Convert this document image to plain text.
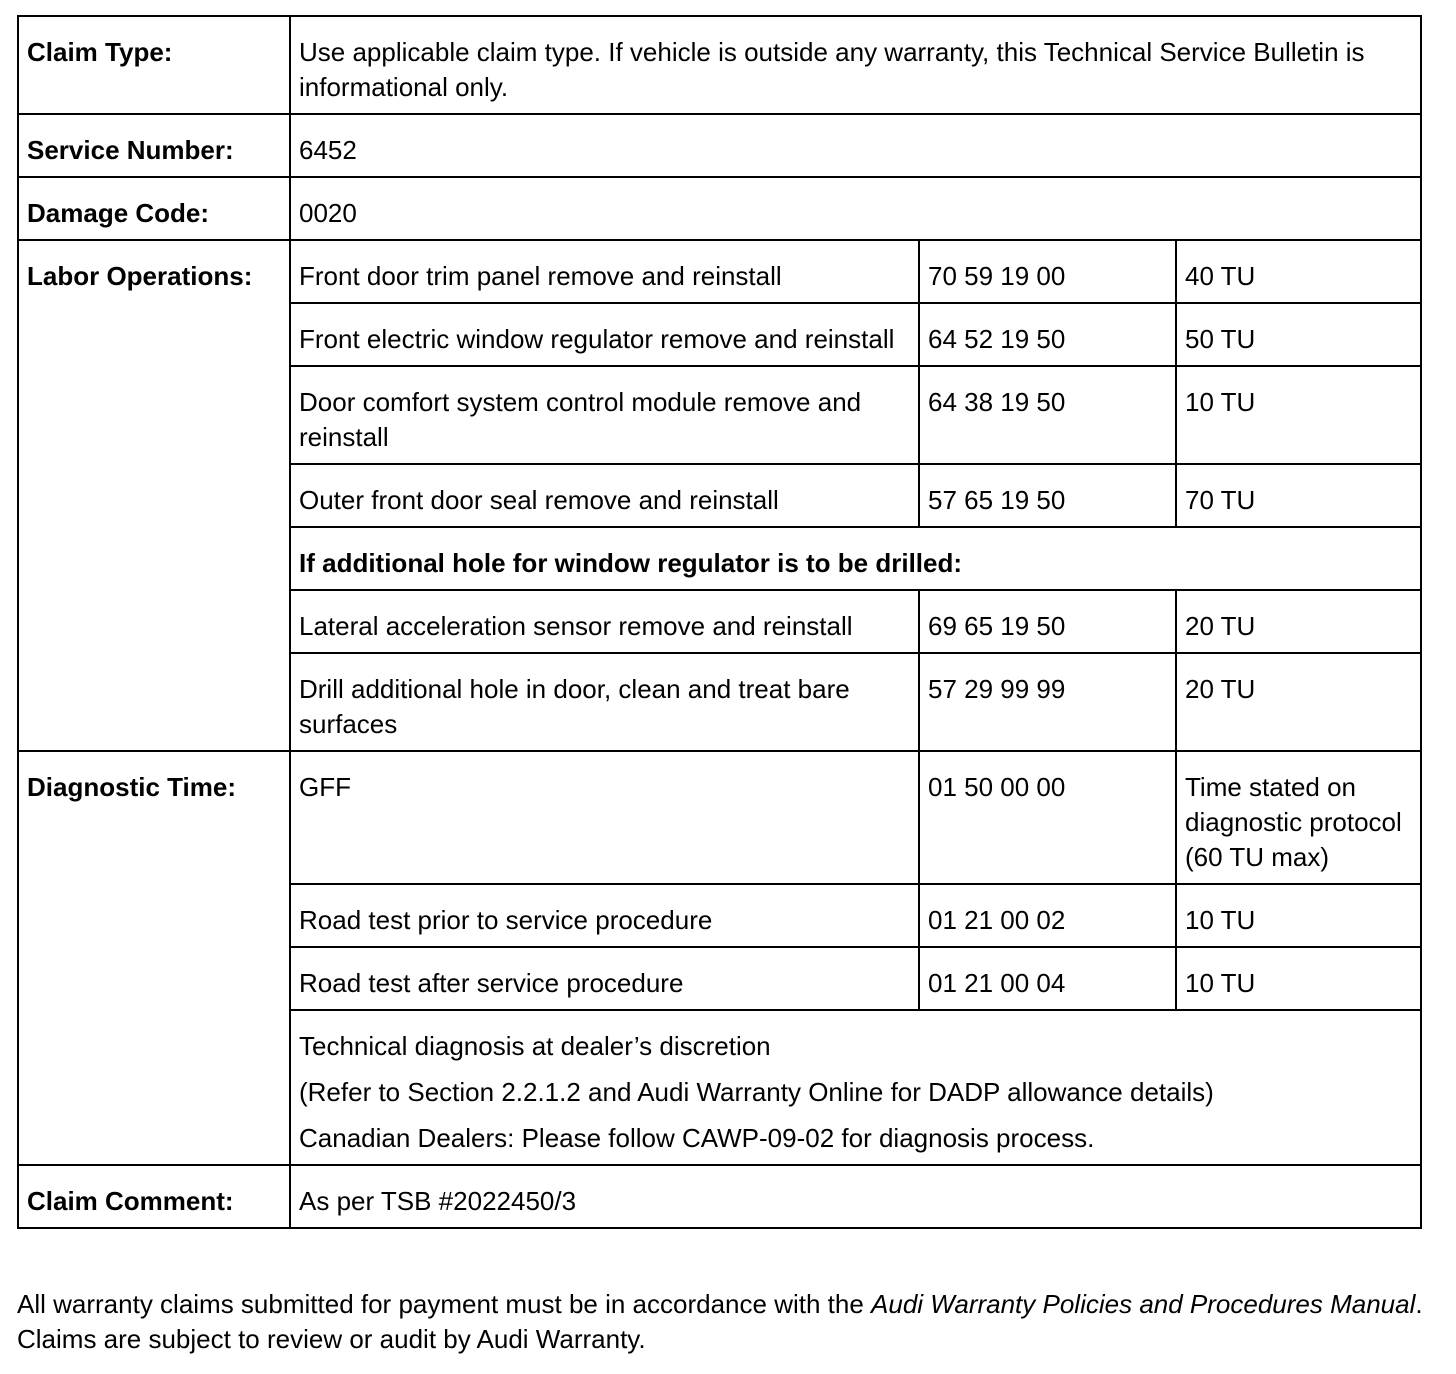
Claim Type:	Use applicable claim type. If vehicle is outside any warranty, this Technical Service Bulletin is informational only.		
Service Number:	6452		
Damage Code:	0020		
Labor Operations:	Front door trim panel remove and reinstall	70 59 19 00	40 TU
	Front electric window regulator remove and reinstall	64 52 19 50	50 TU
	Door comfort system control module remove and reinstall	64 38 19 50	10 TU
	Outer front door seal remove and reinstall	57 65 19 50	70 TU
	If additional hole for window regulator is to be drilled:		
	Lateral acceleration sensor remove and reinstall	69 65 19 50	20 TU
	Drill additional hole in door, clean and treat bare surfaces	57 29 99 99	20 TU
Diagnostic Time:	GFF	01 50 00 00	Time stated on diagnostic protocol (60 TU max)
	Road test prior to service procedure	01 21 00 02	10 TU
	Road test after service procedure	01 21 00 04	10 TU

	Technical diagnosis at dealer’s discretion

(Refer to Section 2.2.1.2 and Audi Warranty Online for DADP allowance details)

Canadian Dealers: Please follow CAWP-09-02 for diagnosis process.		

Claim Comment:	As per TSB #2022450/3		
All warranty claims submitted for payment must be in accordance with the Audi Warranty Policies and Procedures Manual. Claims are subject to review or audit by Audi Warranty.
